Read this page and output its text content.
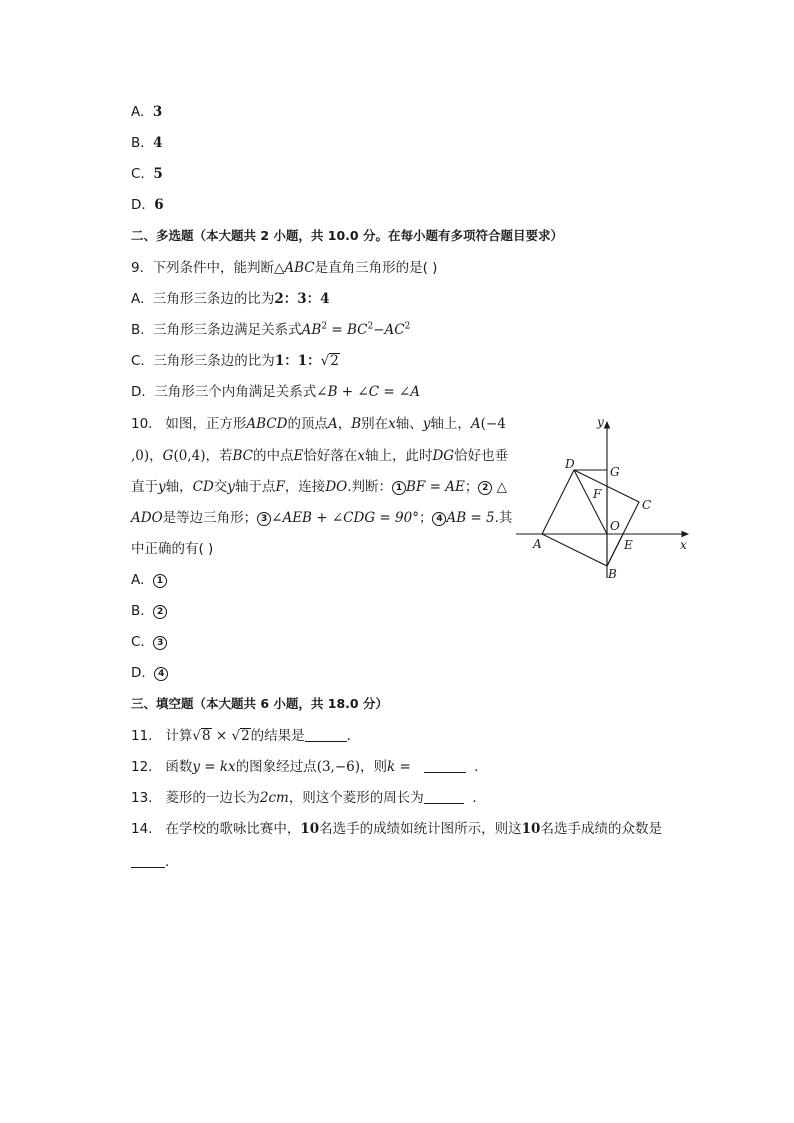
A. 3
B. 4
C. 5
D. 6
二、多选题（本大题共 2 小题，共 10.0 分。在每小题有多项符合题目要求）
9. 下列条件中，能判断△ABC是直角三角形的是( )
A. 三角形三条边的比为2：3：4
B. 三角形三条边满足关系式$AB^2 = BC^2-AC^2$
C. 三角形三条边的比为1：1：√2
D. 三角形三个内角满足关系式∠B + ∠C = ∠A
10. 如图，正方形ABCD的顶点A，B别在x轴、y轴上，A(−4
,0)，G(0,4)，若BC的中点E恰好落在x轴上，此时DG恰好也垂
直于y轴，CD交y轴于点F，连接DO.判断： 1 BF = AE； 2 △
ADO是等边三角形； 3 ∠AEB + ∠CDG = 90°； 4 AB = 5.其
中正确的有( )
A. 1
B. 2
C. 3
D. 4
y
x
D
G
F
C
O
A	E
B
三、填空题（本大题共 6 小题，共 18.0 分）
11. 计算√8 × √2的结果是	.
12. 函数y = kx的图象经过点(3,−6)，则k =	.
13. 菱形的一边长为2cm，则这个菱形的周长为	.
14. 在学校的歌咏比赛中，10名选手的成绩如统计图所示，则这10名选手成绩的众数是
.
